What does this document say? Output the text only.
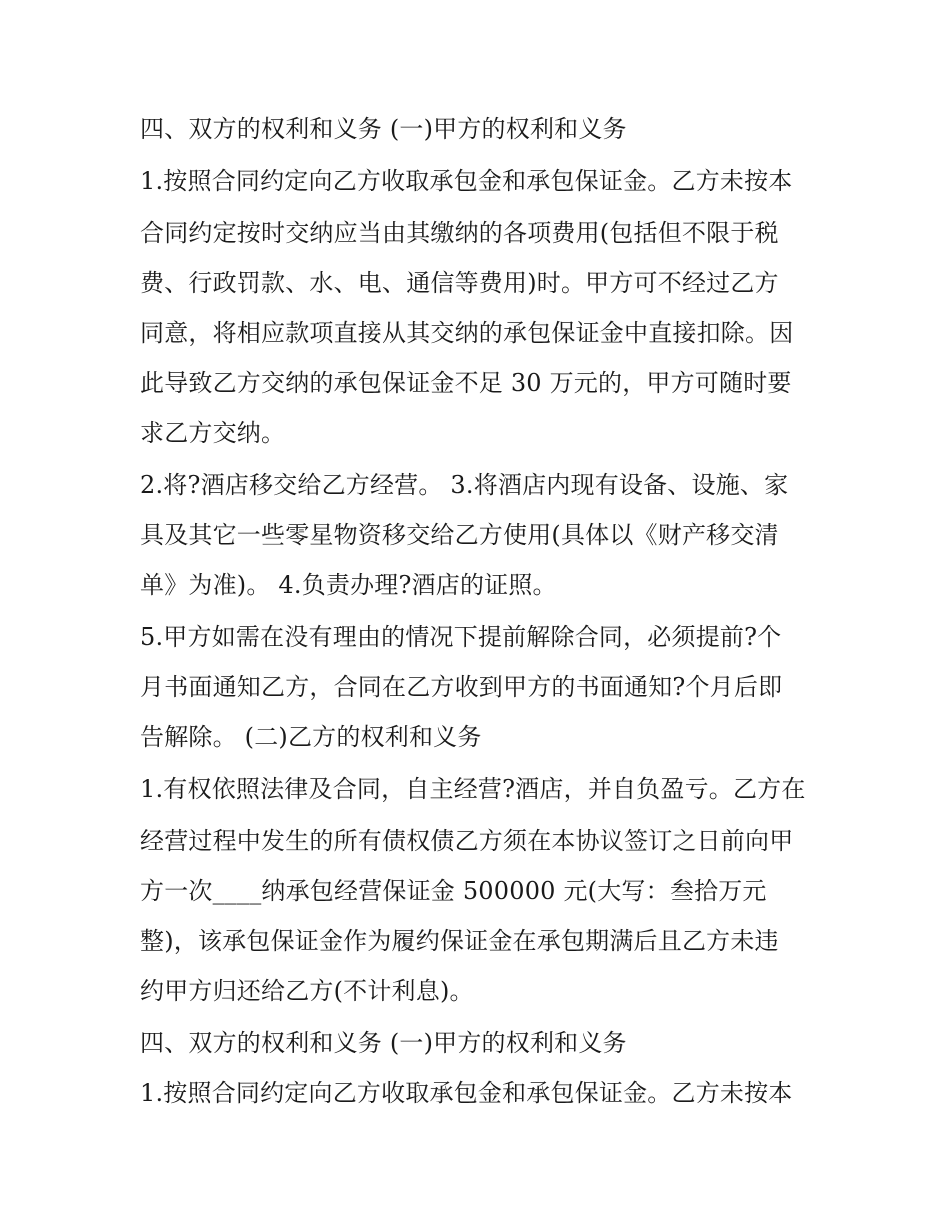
四、双方的权利和义务 (一)甲方的权利和义务
1.按照合同约定向乙方收取承包金和承包保证金。乙方未按本
合同约定按时交纳应当由其缴纳的各项费用(包括但不限于税
费、行政罚款、水、电、通信等费用)时。甲方可不经过乙方
同意，将相应款项直接从其交纳的承包保证金中直接扣除。因
此导致乙方交纳的承包保证金不足 30 万元的，甲方可随时要
求乙方交纳。
2.将?酒店移交给乙方经营。 3.将酒店内现有设备、设施、家
具及其它一些零星物资移交给乙方使用(具体以《财产移交清
单》为准)。 4.负责办理?酒店的证照。
5.甲方如需在没有理由的情况下提前解除合同，必须提前?个
月书面通知乙方，合同在乙方收到甲方的书面通知?个月后即
告解除。 (二)乙方的权利和义务
1.有权依照法律及合同，自主经营?酒店，并自负盈亏。乙方在
经营过程中发生的所有债权债乙方须在本协议签订之日前向甲
方一次____纳承包经营保证金 500000 元(大写：叁拾万元
整)，该承包保证金作为履约保证金在承包期满后且乙方未违
约甲方归还给乙方(不计利息)。
四、双方的权利和义务 (一)甲方的权利和义务
1.按照合同约定向乙方收取承包金和承包保证金。乙方未按本
